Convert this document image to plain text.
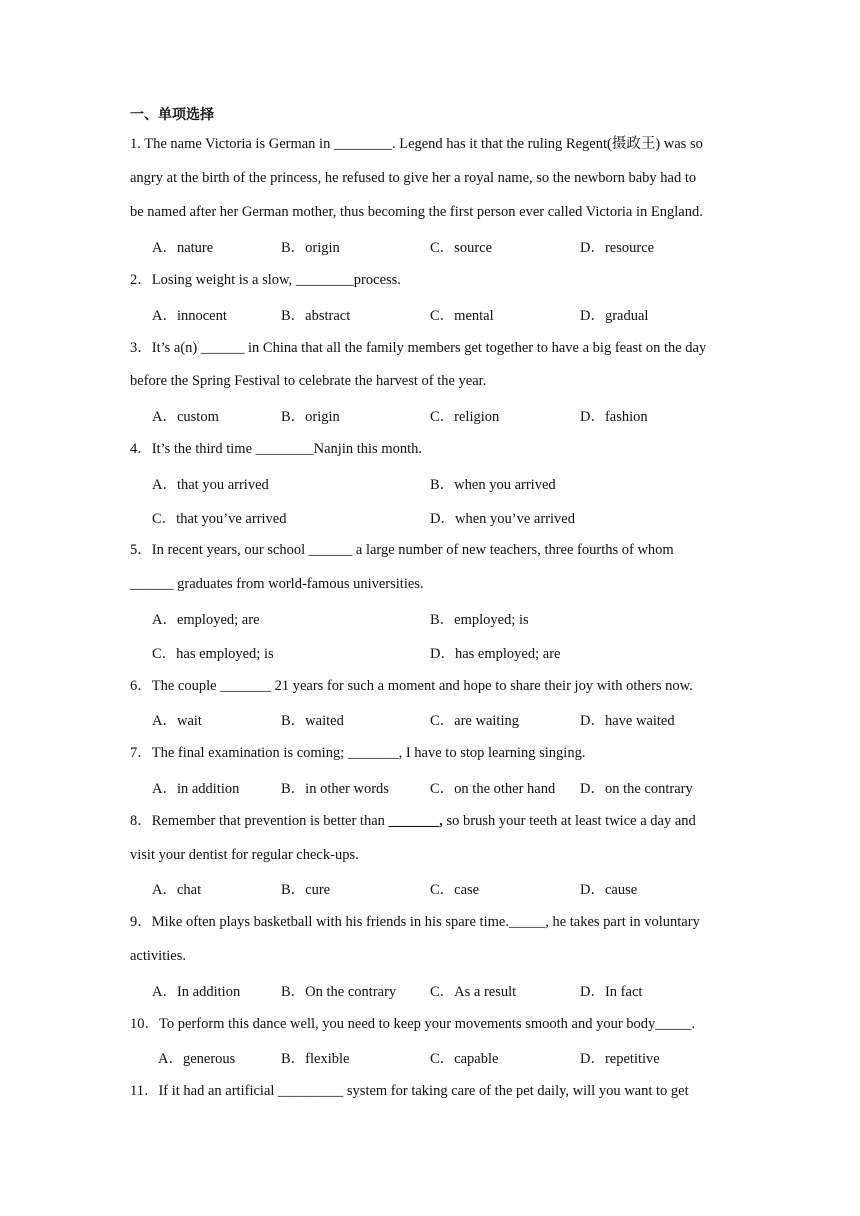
一、单项选择
1. The name Victoria is German in ________. Legend has it that the ruling Regent(摄政王) was so
angry at the birth of the princess, he refused to give her a royal name, so the newborn baby had to
be named after her German mother, thus becoming the first person ever called Victoria in England.
A．nature	B．origin	C．source	D．resource
2．Losing weight is a slow, ________process.
A．innocent	B．abstract	C．mental	D．gradual
3．It’s a(n) ______ in China that all the family members get together to have a big feast on the day
before the Spring Festival to celebrate the harvest of the year.
A．custom	B．origin	C．religion	D．fashion
4．It’s the third time ________Nanjin this month.
A．that you arrived	B．when you arrived
C．that you’ve arrived	D．when you’ve arrived
5．In recent years, our school ______ a large number of new teachers, three fourths of whom
______ graduates from world-famous universities.
A．employed; are	B．employed; is
C．has employed; is	D．has employed; are
6．The couple _______ 21 years for such a moment and hope to share their joy with others now.
A．wait	B．waited	C．are waiting	D．have waited
7．The final examination is coming; _______, I have to stop learning singing.
A．in addition	B．in other words	C．on the other hand D．on the contrary
8．Remember that prevention is better than _______, so brush your teeth at least twice a day and
visit your dentist for regular check-ups.
A．chat	B．cure	C．case	D．cause
9．Mike often plays basketball with his friends in his spare time._____, he takes part in voluntary
activities.
A．In addition	B．On the contrary C．As a result	D．In fact
10．To perform this dance well, you need to keep your movements smooth and your body_____.
A．generous	B．flexible	C．capable	D．repetitive
11．If it had an artificial _________ system for taking care of the pet daily, will you want to get
